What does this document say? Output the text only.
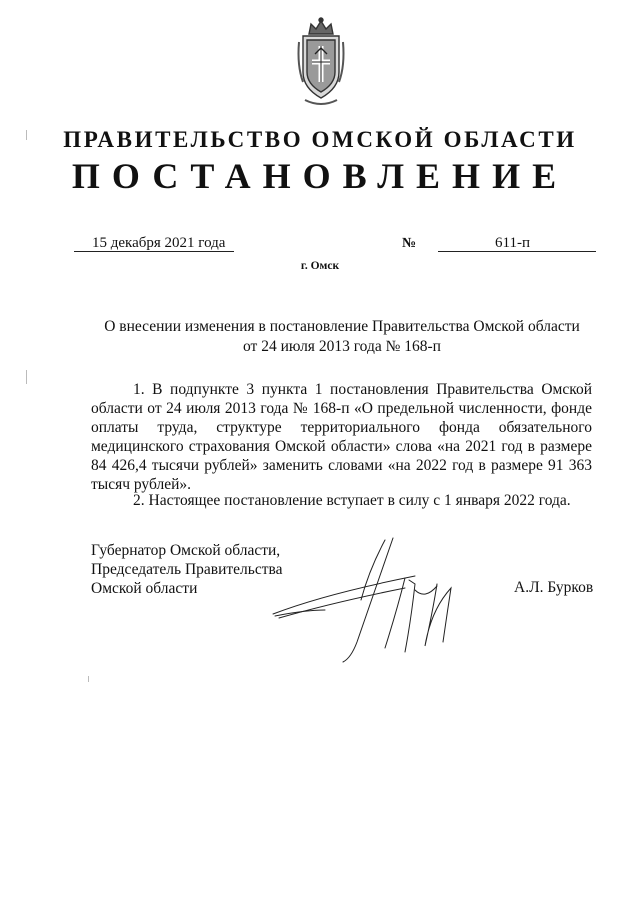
ПРАВИТЕЛЬСТВО ОМСКОЙ ОБЛАСТИ
ПОСТАНОВЛЕНИЕ
15 декабря 2021 года	№	611-п
г. Омск
О внесении изменения в постановление Правительства Омской области
от 24 июля 2013 года № 168-п

1. В подпункте 3 пункта 1 постановления Правительства Омской области от 24 июля 2013 года № 168-п «О предельной численности, фонде оплаты труда, структуре территориального фонда обязательного медицинского страхования Омской области» слова «на 2021 год в размере 84 426,4 тысячи рублей» заменить словами «на 2022 год в размере 91 363 тысяч рублей».

2. Настоящее постановление вступает в силу с 1 января 2022 года.

Губернатор Омской области,
Председатель Правительства
Омской области	А.Л. Бурков
